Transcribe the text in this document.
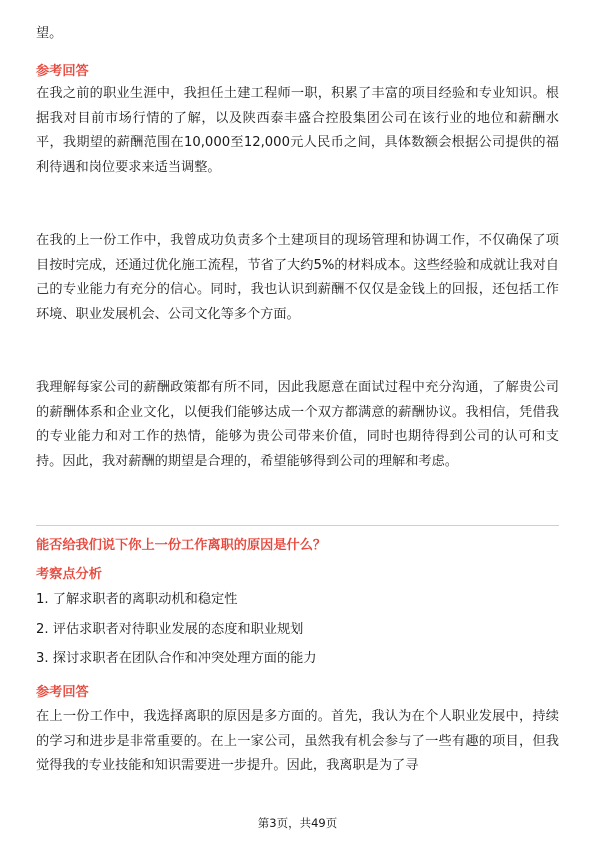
望。

参考回答

在我之前的职业生涯中，我担任土建工程师一职，积累了丰富的项目经验和专业知识。根据我对目前市场行情的了解，以及陕西泰丰盛合控股集团公司在该行业的地位和薪酬水平，我期望的薪酬范围在10,000至12,000元人民币之间，具体数额会根据公司提供的福利待遇和岗位要求来适当调整。

在我的上一份工作中，我曾成功负责多个土建项目的现场管理和协调工作，不仅确保了项目按时完成，还通过优化施工流程，节省了大约5%的材料成本。这些经验和成就让我对自己的专业能力有充分的信心。同时，我也认识到薪酬不仅仅是金钱上的回报，还包括工作环境、职业发展机会、公司文化等多个方面。

我理解每家公司的薪酬政策都有所不同，因此我愿意在面试过程中充分沟通，了解贵公司的薪酬体系和企业文化，以便我们能够达成一个双方都满意的薪酬协议。我相信，凭借我的专业能力和对工作的热情，能够为贵公司带来价值，同时也期待得到公司的认可和支持。因此，我对薪酬的期望是合理的，希望能够得到公司的理解和考虑。

能否给我们说下你上一份工作离职的原因是什么？

考察点分析

1. 了解求职者的离职动机和稳定性

2. 评估求职者对待职业发展的态度和职业规划

3. 探讨求职者在团队合作和冲突处理方面的能力

参考回答

在上一份工作中，我选择离职的原因是多方面的。首先，我认为在个人职业发展中，持续的学习和进步是非常重要的。在上一家公司，虽然我有机会参与了一些有趣的项目，但我觉得我的专业技能和知识需要进一步提升。因此，我离职是为了寻

第3页，共49页
